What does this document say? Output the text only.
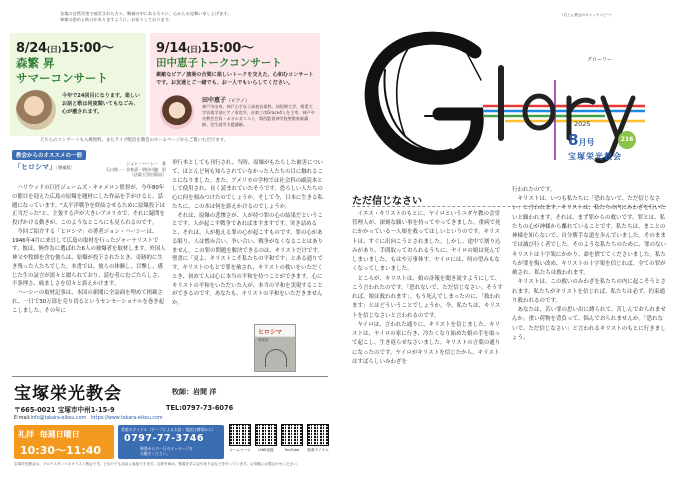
各地の自然災害で被災された方々、戦禍の中にある方々に、心からお見舞い申し上げます。
神様の慰めと助けがありますように、お祈りしております。
8/24(日)15:00〜
森繁 昇
サマーコンサート
今年で24回目になります。楽しいお話と歌は何度聞いてもなごみ、心が癒されます。
9/14(日)15:00〜
田中恵子トークコンサート
素敵なピアノ演奏の合間に楽しいトークを交えた、心和むコンサートです。お友達とご一緒でも、お一人でもいらしてください。
田中恵子（ピアノ）
神戸市出身。神戸山手女子高校音楽科、同短期大学、相愛大学音楽学部ピアノ専攻卒。音楽工房Grace4人を主宰。神戸中央教会会員・ポオルガニスト、関西監督神学校聖歌奏楽講師。堂生就労支援講師。
どちらのコンサートも入場無料。またライブ配信を教会のホームページからご覧いただけます。
教会からのオススメの一冊
「ヒロシマ」［増補版］
ジョン・ハーシー　著
石川欣一・谷本清・明田川融　訳
（法政大学出版局）
　ハリウッドの巨匠ジェームズ・キャメロン監督が、今年80年の節目を迎えた広島の原爆を題材にした作品を手がけると、話題になっています。"太平洋戦争を終結させるために原爆投下は正当だった"と、主張する声が大きいアメリカで、それに疑問を投げかける動きが、このようなところにも見られるのです。
　今回ご紹介する「ヒロシマ」の著者ジョン・ハーシーは、1946年4月に来日して広島の取材を行ったジャーナリストです。彼は、無作為に選ばれた6人の被爆者を取材します。外国人神父や牧師を含む彼らは、原爆が投下されたとき、奇跡的に生き残った人たちでした。本書では、彼らの体験し、目撃し、感じた生の証言が淡々と綴られており、読む者にむごたらしさ、不条理さ、痛ましさを切々と訴えかけます。
　ハーシーの取材記事は、本国の新聞に全誌面を埋めて掲載され、一日で30万部を売り切るというセンセーショナルを巻き起こしました。その年に
単行本としても刊行され、当時、原爆がもたらした被害について、ほとんど何も知らされていなかった人たちの目に触れることになりました。また、アメリカの学校では社会科の副読本として使用され、長く読まれていたそうです。恐ろしい人たちの心に何を刻みつけたのでしょうか。そして今、日本に生きる私たちに、この本は何を訴えかけるのでしょうか。
　それは、原爆の悲惨さが、人が持つ罪の心の結果だということです。人が起こす戦争であればますますです。突き詰めると、それは、人が抱える罪の心が起こすものです。罪の心がある限り、人は憎み合い、争い合い、戦争がなくなることはありません。この罪の問題を解決できるのは、キリストだけです。聖書に「見よ、キリストこそ私たちの平和です」とある通りです。キリストのもとで罪を赦され、キリストの救いをいただくとき、初めて人は心に本当の平和を持つことができます。心にキリストの平和をいただいた人が、本当の平和を実現することができるのです。あなたも、キリストの平和をいただきませんか。
ヒロシマ
増補版
宝塚栄光教会	牧師：岩間 洋
〒665-0021 宝塚市中州1-15-9	TEL:0797-73-6076
E-mail:info@takara-eikou.com https://www.takara-eikou.com
礼拝 毎週日曜日
10:30〜11:40
希望のダイヤル（テープによるお話・電話は携帯から）
0797-77-3746
聖書からの一日のメッセージを
お聴きください。
ホームページ	LINE登録	YouTube	聖書ダイヤル
宝塚栄光教会は、プロテスタントのキリスト教会です。どなたでも自由に参加できます。礼拝を始め、聖書を学ぶ会や祈り会などを行っています。お気軽にお問合わせください。
（右上に教会のキャッチコピー）
グローリー
2025
8月号	216
宝塚栄光教会
ただ信じなさい
　イエス・キリストのもとに、ヤイロというユダヤ教の会堂管理人が、深刻な願い事を持ってやってきました。重病で死にかかっている一人娘を救ってほしいというのです。キリストは、すぐに出向こうとされました。しかし、途中で割り込みがあり、手間取っておられるうちに、ヤイロの娘は死んでしまいました。もはや万事休す。ヤイロには、何の望みもなくなってしまいました。
　ところが、キリストは、娘の訃報を聞き流すようにして、こう言われたのです。「恐れないで、ただ信じなさい。そうすれば、娘は救われます」。もう死んでしまったのに、「救われます」とはどういうことでしょうか。今、私たちは、キリストを信じなさいと言われるのです。
　ヤイロは、言われた通りに、キリストを信じました。キリストは、ヤイロの家に行き、冷たくなり始めた娘の手を取って起こし、生き返らせなさいました。キリストの言葉の通りになったのです。ヤイロがキリストを信じたから、キリストはすばらしいみわざを
行われたのです。
　キリストは、いつも私たちに「恐れないで、ただ信じなさい」と言われます。キリストは、私たちの内にみわざを行いたいと願われます。それは、まず罪からの救いです。罪とは、私たちの心が神様から離れていることです。私たちは、まことの神様を知らないで、自分勝手な道を歩んでいました。そのままでは滅び行く者でした。そのような私たちのために、罪のないキリストは十字架にかかり、命を捨ててくださいました。私たちが罪を悔い改め、キリストの十字架を信じれば、全ての罪が赦され、私たちは救われます。
　キリストは、この救いのみわざを私たちの内に起こそうとされます。私たちがキリストを信じれば、私たちは必ず、約束通り救われるのです。
　あなたは、苦い罪の思い出に縛られて、苦しんでおられませんか。重い荷物を背負って、悩んでおられませんか。「恐れないで、ただ信じなさい」と言われるキリストのもとに行きましょう。
